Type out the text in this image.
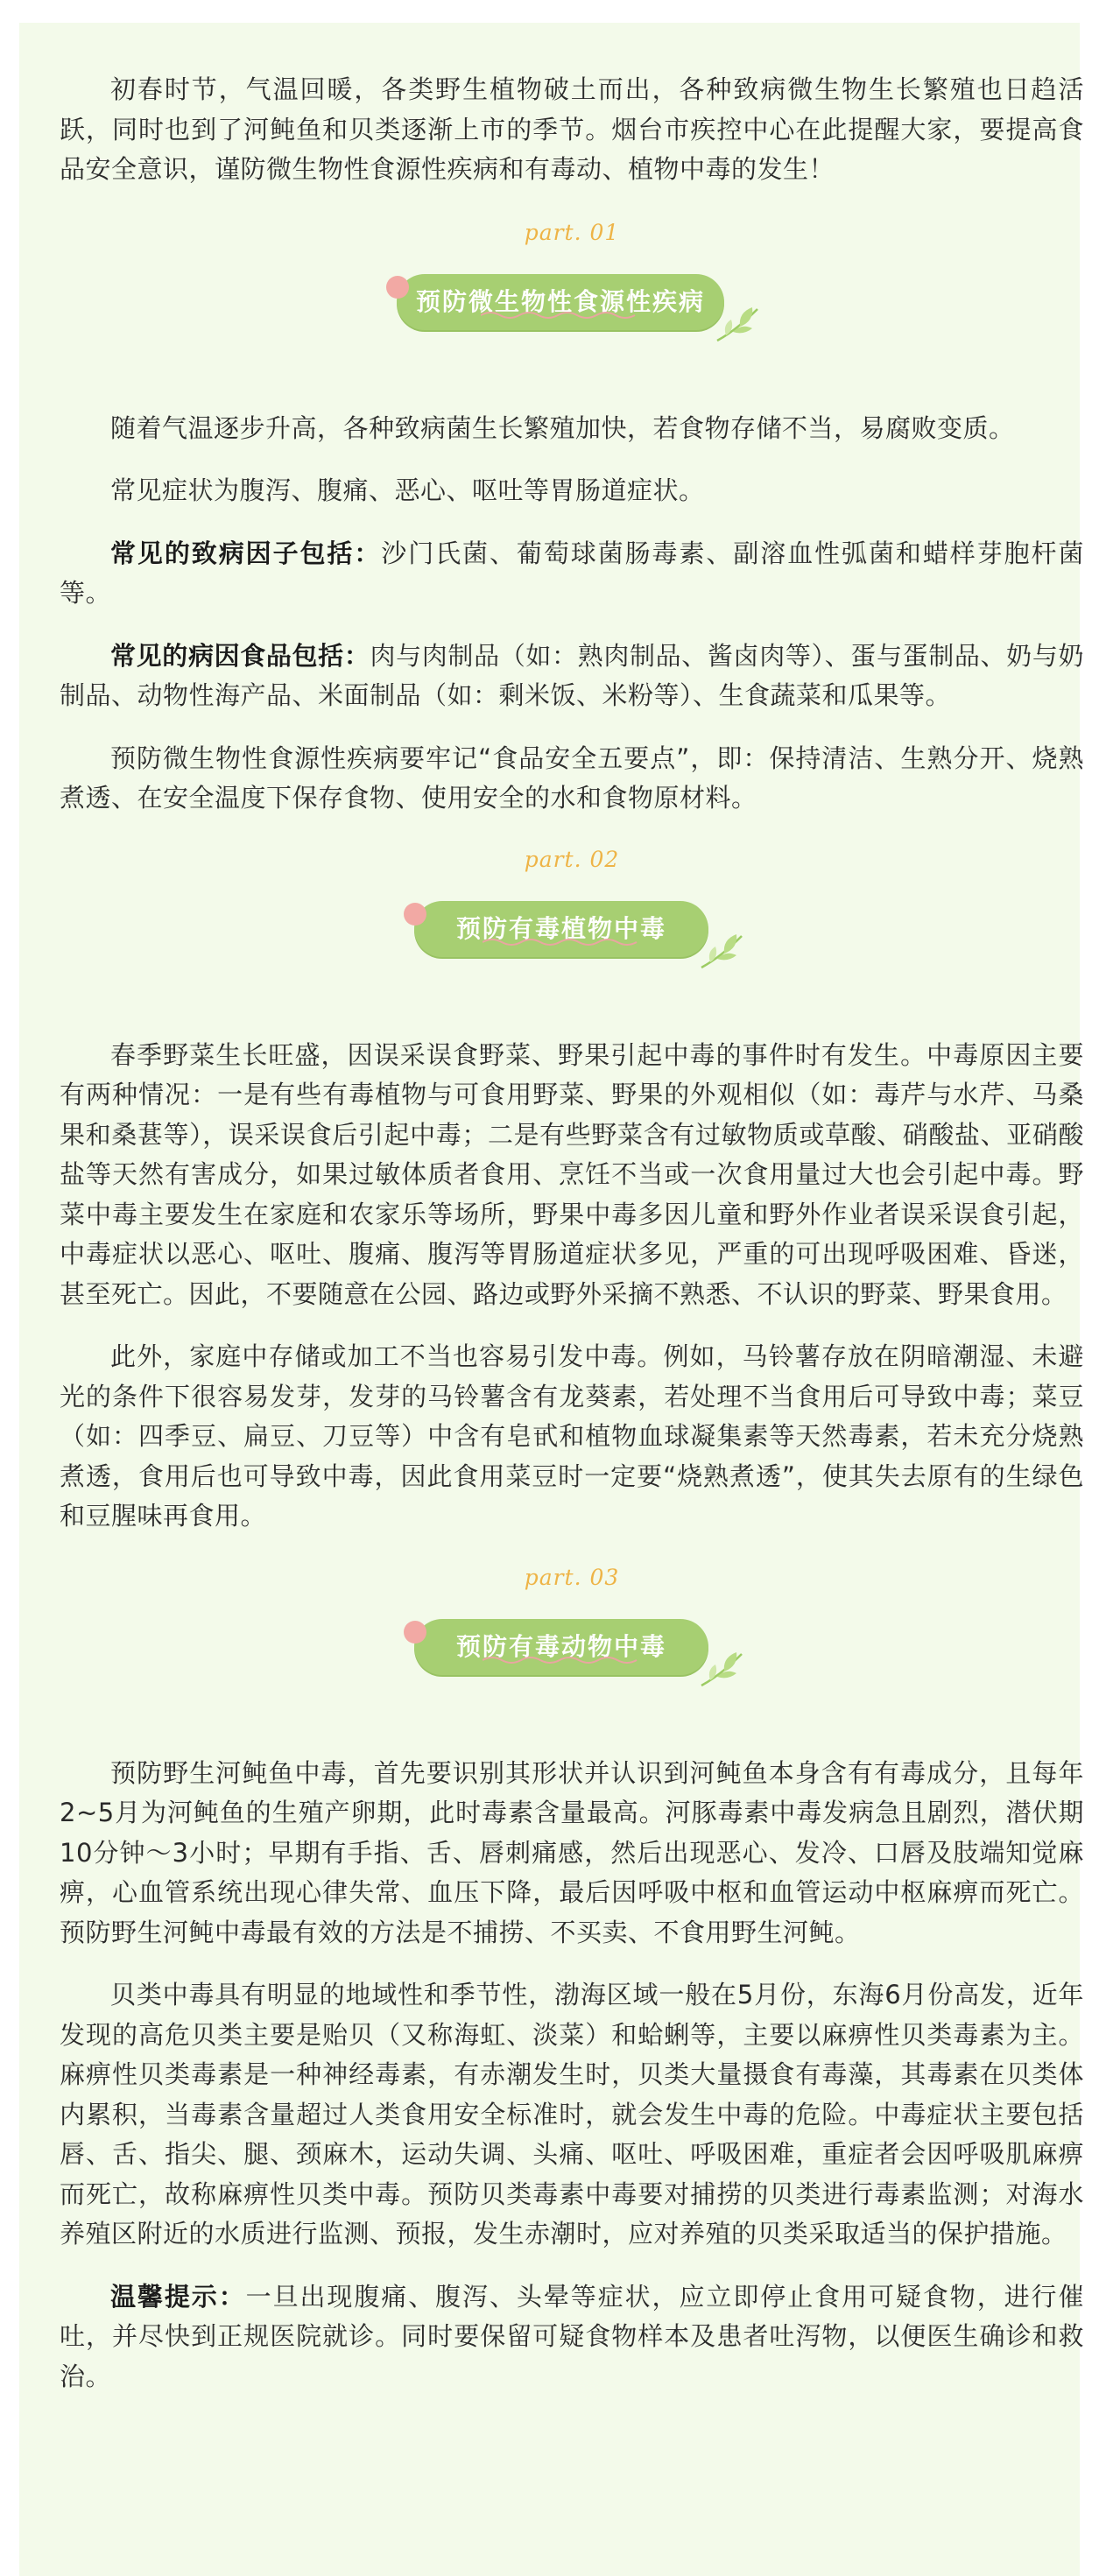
初春时节，气温回暖，各类野生植物破土而出，各种致病微生物生长繁殖也日趋活跃，同时也到了河鲀鱼和贝类逐渐上市的季节。烟台市疾控中心在此提醒大家，要提高食品安全意识，谨防微生物性食源性疾病和有毒动、植物中毒的发生！

part. 01
预防微生物性食源性疾病

随着气温逐步升高，各种致病菌生长繁殖加快，若食物存储不当，易腐败变质。

常见症状为腹泻、腹痛、恶心、呕吐等胃肠道症状。

常见的致病因子包括：沙门氏菌、葡萄球菌肠毒素、副溶血性弧菌和蜡样芽胞杆菌等。

常见的病因食品包括：肉与肉制品（如：熟肉制品、酱卤肉等）、蛋与蛋制品、奶与奶制品、动物性海产品、米面制品（如：剩米饭、米粉等）、生食蔬菜和瓜果等。

预防微生物性食源性疾病要牢记“食品安全五要点”，即：保持清洁、生熟分开、烧熟煮透、在安全温度下保存食物、使用安全的水和食物原材料。

part. 02
预防有毒植物中毒

春季野菜生长旺盛，因误采误食野菜、野果引起中毒的事件时有发生。中毒原因主要有两种情况：一是有些有毒植物与可食用野菜、野果的外观相似（如：毒芹与水芹、马桑果和桑葚等），误采误食后引起中毒；二是有些野菜含有过敏物质或草酸、硝酸盐、亚硝酸盐等天然有害成分，如果过敏体质者食用、烹饪不当或一次食用量过大也会引起中毒。野菜中毒主要发生在家庭和农家乐等场所，野果中毒多因儿童和野外作业者误采误食引起，中毒症状以恶心、呕吐、腹痛、腹泻等胃肠道症状多见，严重的可出现呼吸困难、昏迷，甚至死亡。因此，不要随意在公园、路边或野外采摘不熟悉、不认识的野菜、野果食用。

此外，家庭中存储或加工不当也容易引发中毒。例如，马铃薯存放在阴暗潮湿、未避光的条件下很容易发芽，发芽的马铃薯含有龙葵素，若处理不当食用后可导致中毒；菜豆（如：四季豆、扁豆、刀豆等）中含有皂甙和植物血球凝集素等天然毒素，若未充分烧熟煮透，食用后也可导致中毒，因此食用菜豆时一定要“烧熟煮透”，使其失去原有的生绿色和豆腥味再食用。

part. 03
预防有毒动物中毒

预防野生河鲀鱼中毒，首先要识别其形状并认识到河鲀鱼本身含有有毒成分，且每年2~5月为河鲀鱼的生殖产卵期，此时毒素含量最高。河豚毒素中毒发病急且剧烈，潜伏期10分钟～3小时；早期有手指、舌、唇刺痛感，然后出现恶心、发冷、口唇及肢端知觉麻痹，心血管系统出现心律失常、血压下降，最后因呼吸中枢和血管运动中枢麻痹而死亡。预防野生河鲀中毒最有效的方法是不捕捞、不买卖、不食用野生河鲀。

贝类中毒具有明显的地域性和季节性，渤海区域一般在5月份，东海6月份高发，近年发现的高危贝类主要是贻贝（又称海虹、淡菜）和蛤蜊等，主要以麻痹性贝类毒素为主。麻痹性贝类毒素是一种神经毒素，有赤潮发生时，贝类大量摄食有毒藻，其毒素在贝类体内累积，当毒素含量超过人类食用安全标准时，就会发生中毒的危险。中毒症状主要包括唇、舌、指尖、腿、颈麻木，运动失调、头痛、呕吐、呼吸困难，重症者会因呼吸肌麻痹而死亡，故称麻痹性贝类中毒。预防贝类毒素中毒要对捕捞的贝类进行毒素监测；对海水养殖区附近的水质进行监测、预报，发生赤潮时，应对养殖的贝类采取适当的保护措施。

温馨提示：一旦出现腹痛、腹泻、头晕等症状，应立即停止食用可疑食物，进行催吐，并尽快到正规医院就诊。同时要保留可疑食物样本及患者吐泻物，以便医生确诊和救治。
